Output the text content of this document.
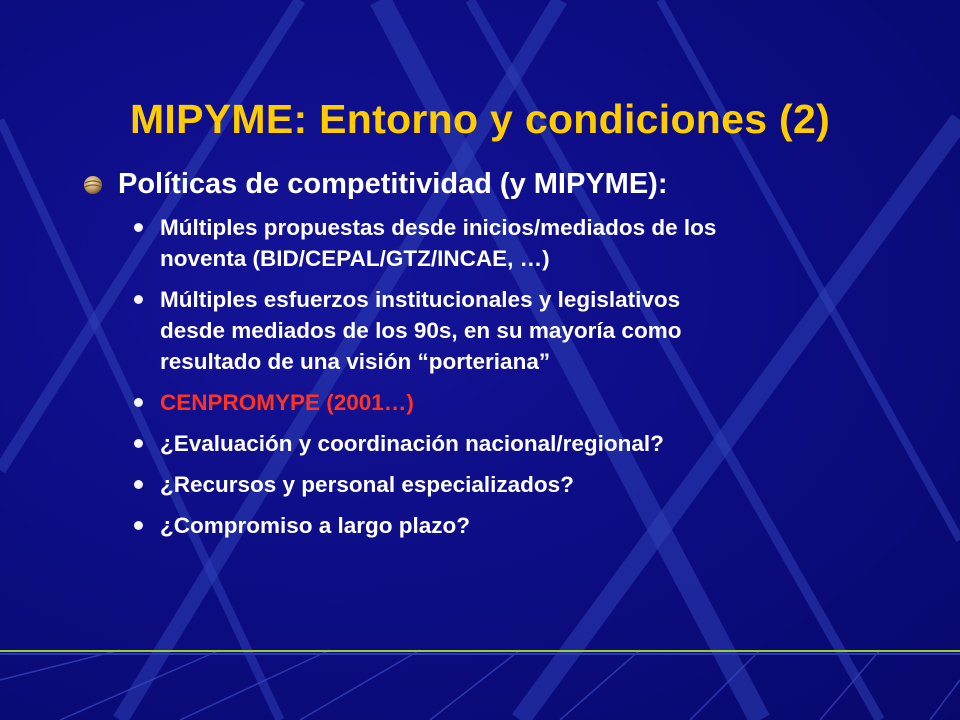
MIPYME: Entorno y condiciones (2)
Políticas de competitividad (y MIPYME):
Múltiples propuestas desde inicios/mediados de los
noventa (BID/CEPAL/GTZ/INCAE, …)
Múltiples esfuerzos institucionales y legislativos
desde mediados de los 90s, en su mayoría como
resultado de una visión “porteriana”
CENPROMYPE (2001…)
¿Evaluación y coordinación nacional/regional?
¿Recursos y personal especializados?
¿Compromiso a largo plazo?
